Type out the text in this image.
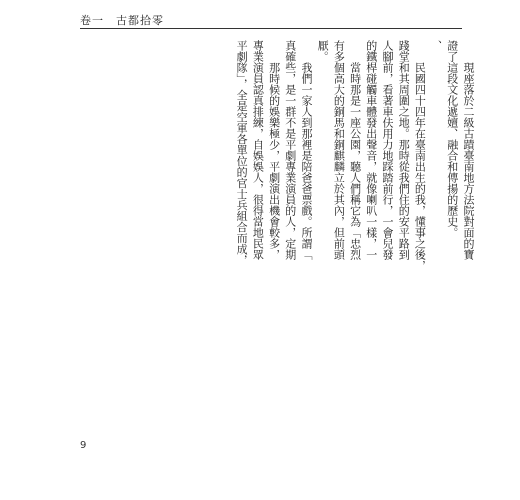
卷一　古都拾零

　　現座落於二級古蹟臺南地方法院對面的寶

證了這段文化遞嬗、融合和傳揚的歷史。

、

　　民國四十四年在臺南出生的我，懂事之後，

踐堂和其周圍之地。那時從我們住的安平路到

人腳前，看著車伕用力地踩踏前行，一會兒發

的鐵桿碰觸車體發出聲音，就像喇叭一樣，一

　　當時那是一座公園，聽人們稱它為「忠烈

有多個高大的銅馬和銅麒麟立於其內，但前頭

厭。

　　我們一家人到那裡是陪爸爸票戲。所謂「

真確些，是一群不是平劇專業演員的人，定期

　　那時候的娛樂極少，平劇演出機會較多，

專業演員認真排練，自娛娛人，很得當地民眾

平劇隊」，全是空軍各單位的官士兵組合而成，

9
